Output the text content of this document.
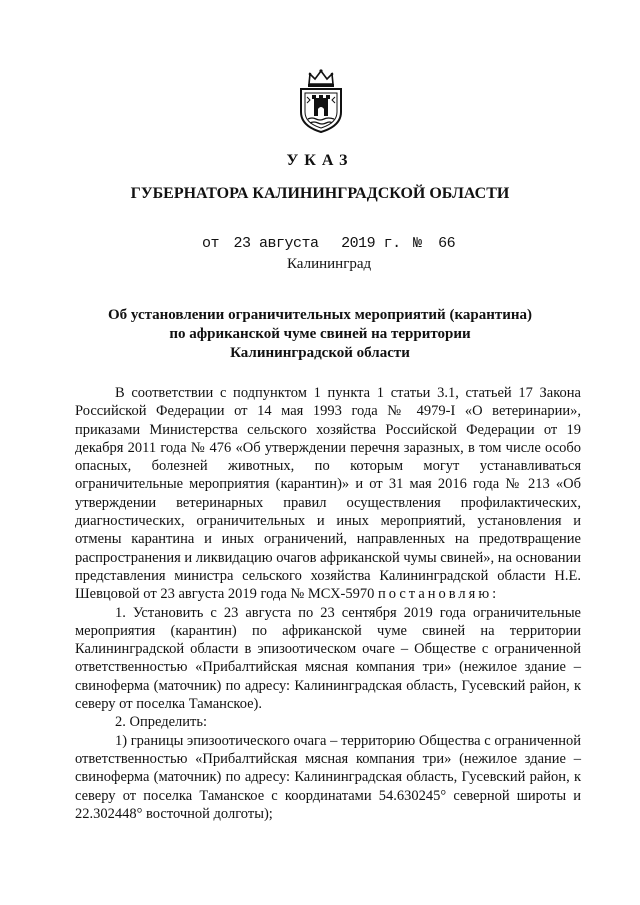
УКАЗ
ГУБЕРНАТОРА КАЛИНИНГРАДСКОЙ ОБЛАСТИ
от 23 августа 2019 г. № 66
Калининград
Об установлении ограничительных мероприятий (карантина)
по африканской чуме свиней на территории
Калининградской области

В соответствии с подпунктом 1 пункта 1 статьи 3.1, статьей 17 Закона Российской Федерации от 14 мая 1993 года № 4979-I «О ветеринарии», приказами Министерства сельского хозяйства Российской Федерации от 19 декабря 2011 года № 476 «Об утверждении перечня заразных, в том числе особо опасных, болезней животных, по которым могут устанавливаться ограничительные мероприятия (карантин)» и от 31 мая 2016 года № 213 «Об утверждении ветеринарных правил осуществления профилактических, диагностических, ограничительных и иных мероприятий, установления и отмены карантина и иных ограничений, направленных на предотвращение распространения и ликвидацию очагов африканской чумы свиней», на основании представления министра сельского хозяйства Калининградской области Н.Е. Шевцовой от 23 августа 2019 года № МСХ-5970 постановляю:

1. Установить с 23 августа по 23 сентября 2019 года ограничительные мероприятия (карантин) по африканской чуме свиней на территории Калининградской области в эпизоотическом очаге – Обществе с ограниченной ответственностью «Прибалтийская мясная компания три» (нежилое здание – свиноферма (маточник) по адресу: Калининградская область, Гусевский район, к северу от поселка Таманское).

2. Определить:

1) границы эпизоотического очага – территорию Общества с ограниченной ответственностью «Прибалтийская мясная компания три» (нежилое здание – свиноферма (маточник) по адресу: Калининградская область, Гусевский район, к северу от поселка Таманское с координатами 54.630245° северной широты и 22.302448° восточной долготы);
